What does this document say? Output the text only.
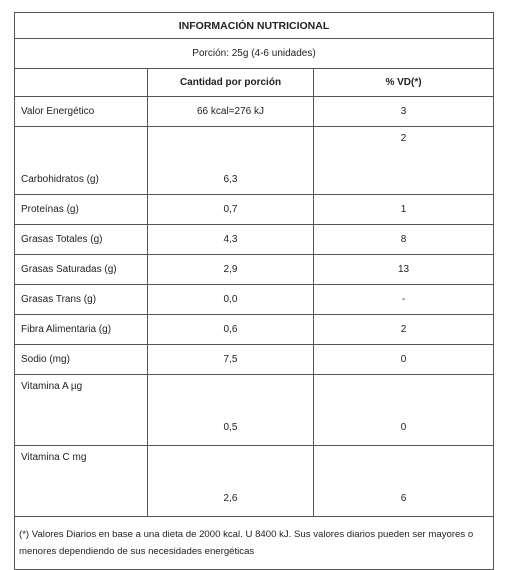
INFORMACIÓN NUTRICIONAL		
Porción: 25g (4-6 unidades)		
	Cantidad por porción	% VD(*)
Valor Energético	66 kcal=276 kJ	3
Carbohidratos (g)	6,3	2
Proteínas (g)	0,7	1
Grasas Totales (g)	4,3	8
Grasas Saturadas (g)	2,9	13
Grasas Trans (g)	0,0	-
Fibra Alimentaria (g)	0,6	2
Sodio (mg)	7,5	0
Vitamina A µg	0,5	0
Vitamina C mg	2,6	6
(*) Valores Diarios en base a una dieta de 2000 kcal. U 8400 kJ. Sus valores diarios pueden ser mayores o menores dependiendo de sus necesidades energéticas		
